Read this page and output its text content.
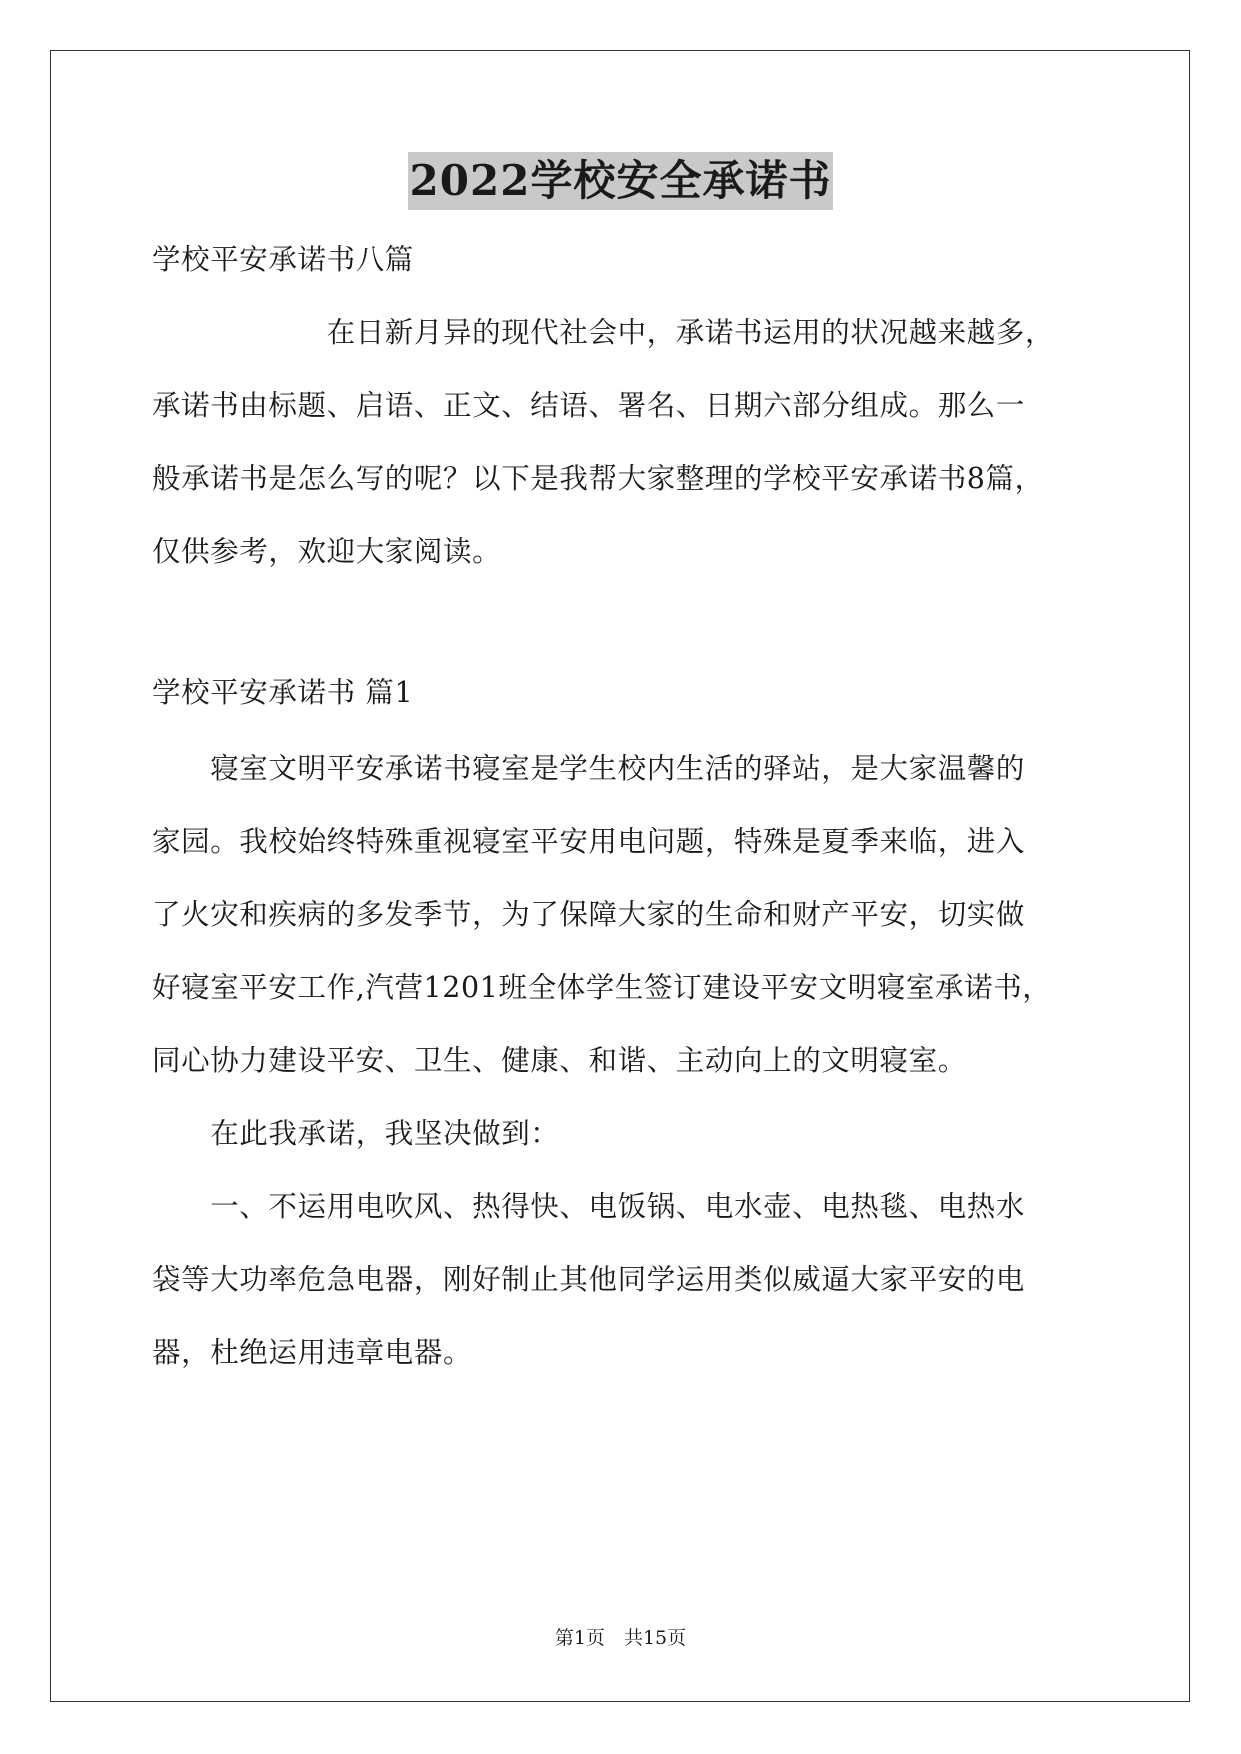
2022学校安全承诺书
学校平安承诺书八篇
　　　　　　在日新月异的现代社会中，承诺书运用的状况越来越多，
承诺书由标题、启语、正文、结语、署名、日期六部分组成。那么一
般承诺书是怎么写的呢？以下是我帮大家整理的学校平安承诺书8篇，
仅供参考，欢迎大家阅读。
学校平安承诺书 篇1
　　寝室文明平安承诺书寝室是学生校内生活的驿站，是大家温馨的
家园。我校始终特殊重视寝室平安用电问题，特殊是夏季来临，进入
了火灾和疾病的多发季节，为了保障大家的生命和财产平安，切实做
好寝室平安工作,汽营1201班全体学生签订建设平安文明寝室承诺书，
同心协力建设平安、卫生、健康、和谐、主动向上的文明寝室。
　　在此我承诺，我坚决做到：
　　一、不运用电吹风、热得快、电饭锅、电水壶、电热毯、电热水
袋等大功率危急电器，刚好制止其他同学运用类似威逼大家平安的电
器，杜绝运用违章电器。
第1页　共15页
